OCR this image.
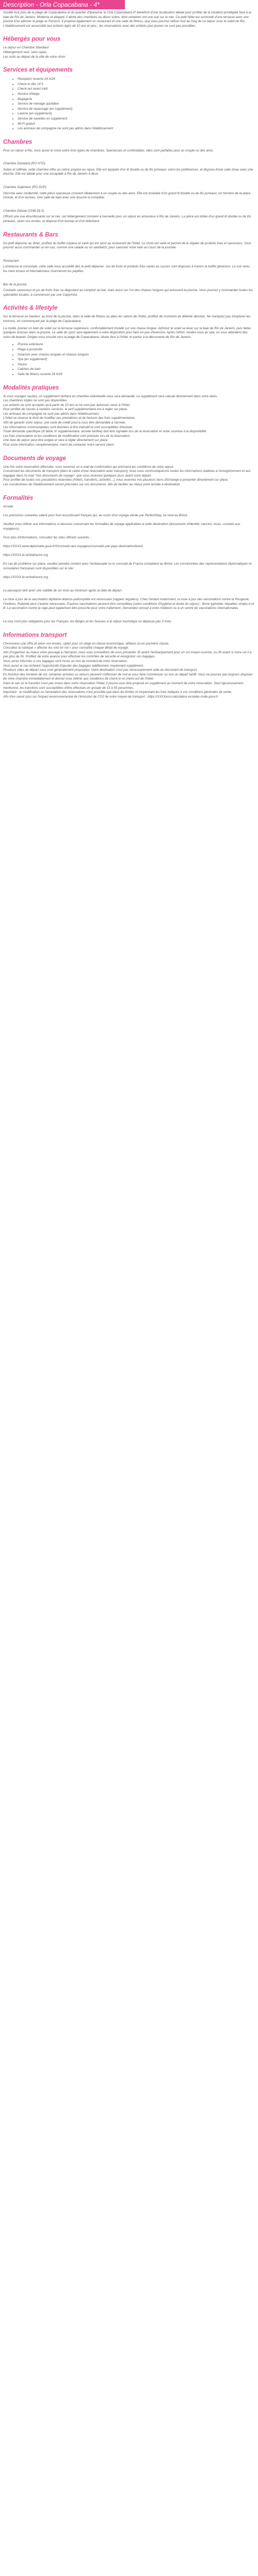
Description - Orla Copacabana - 4*

Installé tout près de la plage de Copacabana et du quartier d'Ipanema, le Orla Copacabana 4* bénéficie d'une localisation idéale pour profiter de la situation privilégiée face à la baie de Rio de Janeiro. Moderne et élégant, il abrite des chambres au décor sobre, dont certaines ont une vue sur la mer. Ce petit hôtel est surmonté d'une terrasse avec une piscine d'où admirer la plage et l'horizon. Il propose également un restaurant et une salle de fitness, que vous pourrez utiliser tout au long de ce séjour sous le soleil de Rio.
L'établissement est accessible aux enfants âgés de 10 ans et plus ; les réservations avec des enfants plus jeunes ne sont pas possibles.

Hébergés pour vous

Le séjour en Chambre Standard
Hébergement seul, sans repas
Les nuits au départ de la ville de votre choix

Services et équipements
• Réception ouverte 24 h/24
• Check-in dès 14 h
• Check-out avant midi
• Service d'étage
• Bagagerie
• Service de ménage quotidien
• Service de repassage (en supplément)
• Laverie (en supplément)
• Service de navettes en supplément
• Wi-Fi gratuit
• Les animaux de compagnie ne sont pas admis dans l'établissement
Chambres

Pour un séjour à Rio, vous aurez le choix entre trois types de chambres. Spacieuses et confortables, elles sont parfaites pour un couple ou des amis.

Chambre Standard (RO-STD)

Sobre et raffinée, cette chambre offre un calme propice au repos. Elle est équipée d'un lit double ou de lits jumeaux, selon les préférences, et dispose d'une salle d'eau avec une douche. Elle est idéale pour une escapade à Rio de Janeiro à deux.

Chambre Supérieur (RO-SUP)

Décorée avec modernité, cette pièce spacieuse convient idéalement à un couple ou des amis. Elle est modulée d'un grand lit double ou de lits jumeaux, en fonction de la place choisie, et d'un bureau. Une salle de bain avec une douche la complète.

Chambre Deluxe (CHB-DLX)

Offrant une vue étourdissante sur la mer, cet hébergement convient à merveille pour un séjour en amoureux à Rio de Janeiro. La pièce est dotée d'un grand lit double ou de lits jumeaux, selon vos envies, et dispose d'un bureau et d'un téléviseur.

Restaurants & Bars

Du petit déjeuner au dîner, profitez du buffet copieux et varié qui est servi au restaurant de l'hôtel. Le choix est varié et permet de le régaler de produits frais et savoureux. Vous pourrez aussi commander un en-cas, comme une salade ou un sandwich, pour savourer votre bain au cours de la journée.

Restaurant

Lumineuse et conviviale, cette salle vous accueille dès le petit déjeuner. Jus de fruits et produits frais variés au succès sont disposés à travers le buffet généreux. Le soir venu, les mets locaux et internationaux charmeront les papilles.

Bar de la piscine

Cocktails savoureux et jus de fruits frais se dégustent au comptoir du bar, mais aussi sur l'un des chaises longues qui entourent la piscine. Vous pourrez y commander toutes les spécialités locales, à commencer par une Caipirinha.

Activités & lifestyle

Sur la terrasse en hauteur, au bord de la piscine, dans la salle de fitness ou dans les salons de l'hôtel, profitez de moments de détente absolue. Ne manquez pas d'explorer les environs, en commençant par la plage de Copacabana.

La moitié, prenez un bain de soleil sur la terrasse supérieure, confortablement installé sur une chaise longue. Admirez le soleil se lever sur la baie de Rio de Janeiro, puis faites quelques brasses dans la piscine. La salle de sport sera également à votre disposition pour faire un peu d'exercice. Après l'effort, rendez-vous au spa, où vous attendent des soins de beauté. Dirigez-vous ensuite vers la plage de Copacabana, située face à l'hôtel, et partez à la découverte de Rio de Janeiro.

• Piscine extérieure
• Plage à proximité
• Solarium avec chaises longues et chaises longues
• Spa (en supplément)
• Sauna
• Cabines de bain
• Salle de fitness ouverte 24 h/24
Modalités pratiques

Si vous voyagez seul(e), un supplément tarifaire en chambre individuelle vous sera demandé. Le supplément sera calculé directement dans votre devis.
Les chambres triples ne sont pas disponibles.
Les enfants ne sont acceptés qu'à partir de 10 ans et ne sont pas autorisés seuls à l'hôtel.
Pour profiter de l'accès à certains services, le tarif supplémentaire est à régler sur place.
Les animaux de compagnie ne sont pas admis dans l'établissement.
L'hôtel se réserve le droit de modifier ses prestations et de facturer des frais supplémentaires.
Afin de garantir votre séjour, une carte de crédit pourra vous être demandée à l'arrivée.
Les informations communiquées sont données à titre indicatif et sont susceptibles d'évoluer.
Toute demande spécifique (lit bébé, lit supplémentaire, arrivée tardive) doit être signalée lors de la réservation et reste soumise à la disponibilité.
Les frais d'annulation et les conditions de modification sont précisés lors de la réservation.
Une taxe de séjour peut être exigée et sera à régler directement sur place.
Pour toute information complémentaire, merci de contacter notre service client.

Documents de voyage

Une fois votre réservation effectuée, vous recevrez un e-mail de confirmation qui précisera les conditions de votre séjour.
Concernant les documents de transport (dans le cadre d'une réservation avec transport), nous vous communiquerons toutes les informations relatives à l'enregistrement et aux bagages dans l'e-mail "Vos documents de voyage", que vous recevrez quelques jours avant votre départ.
Pour profiter de toutes vos prestations réservées (hôtels, transferts, activités...), vous recevrez vos plusieurs bons d'échange à présenter directement sur place.
Les coordonnées de l'établissement seront précisées sur vos documents, afin de faciliter au mieux votre arrivée à destination.

Formalités

Arrivée

Les précisions suivantes valent pour tout ressortissant français qui, au cours d'un voyage vendu par PerfectStay, se rend au Brésil.

Veuillez vous référer aux informations ci-dessous concernant les formalités de voyage applicables à cette destination (documents d'identité, vaccins, visas, conseils aux voyageurs).

Pour plus d'informations, consultez les sites officiels suivants :

https://XXXX.www.diplomatie.gouv.fr/fr/conseils-aux-voyageurs/conseils-par-pays-destination/bresil

https://XXXX.br.ambafrance.org

En cas de problème sur place, veuillez prendre contact avec l'ambassade ou le consulat de France compétent au Brésil. Les coordonnées des représentations diplomatiques et consulaires françaises sont disponibles sur le site :

https://XXXX.br.ambafrance.org

Le passeport doit avoir une validité de six mois au minimum après la date de départ.

La mise à jour de la vaccination diphtérie-tétanos-poliomyélite est nécessaire (rappels réguliers). Chez l'enfant notamment, la mise à jour des vaccinations contre la Rougeole, Oreillons, Rubéole peut s'avérer nécessaire. D'autres vaccinations peuvent être conseillées (selon conditions d'hygiène et durée du séjour) : fièvre typhoïde, hépatites virales A et B. La vaccination contre la rage peut également être prescrite pour votre traitement. Demandez conseil à votre médecin ou à un centre de vaccinations internationales.

Le visa n'est plus obligatoire pour les Français, les Belges et les Suisses si le séjour touristique ne dépasse pas 3 mois.

Informations transport

Chronoveur une offre et selon vos envies, optez pour un siège en classe économique, affaires ou en première classe.
Consultez la rubrique « affecter les vols en vol » pour connaître chaque détail de voyage.
Afin d'organiser au mieux votre passage à l'aéroport, nous vous conseillons de vous présenter 3h avant l'embarquement pour un vol moyen-courrier, ou 3h avant si votre vol n'a pas plus de 5h. Profitez de votre avance pour effectuer les contrôles de sécurité et enregistrer vos bagages.
Vous serez informés si vos bagages sont inclus ou non au moment de votre réservation.
Vous aurez le cas échéant l'opportunité d'ajouter des bagages additionnels moyennant supplément.
Plusieurs villes de départ vous sont généralement proposées. Votre destination n'est pas nécessairement celle du document de transport.
En fonction des horaires de vol, certaines arrivées ou retours peuvent s'effectuer de nuit et vous faire commencer ou non un départ tardif. Vous ne pourrez pas toujours disposer de votre chambre immédiatement et devrez vous référer aux conditions de check-in et check-out de l'hôtel.
Dans le cas où le transfert n'est pas inclus dans votre réservation l'hôtel, il pourra vous être proposé en supplément au moment de votre réservation. Seul rigoureusement mentionné, les transferts sont susceptibles d'être effectués en groupe de 15 à 55 personnes.
Important : la modification ou l'annulation des réservations n'est possible que dans les limites et moyennant les frais indiqués à vos conditions générales de vente.
Afin d'en savoir plus sur l'impact environnemental de l'émission de CO2 de votre moyen de transport : https://XXXXeco-calculateur-ecolabe-civile.gouv.fr
